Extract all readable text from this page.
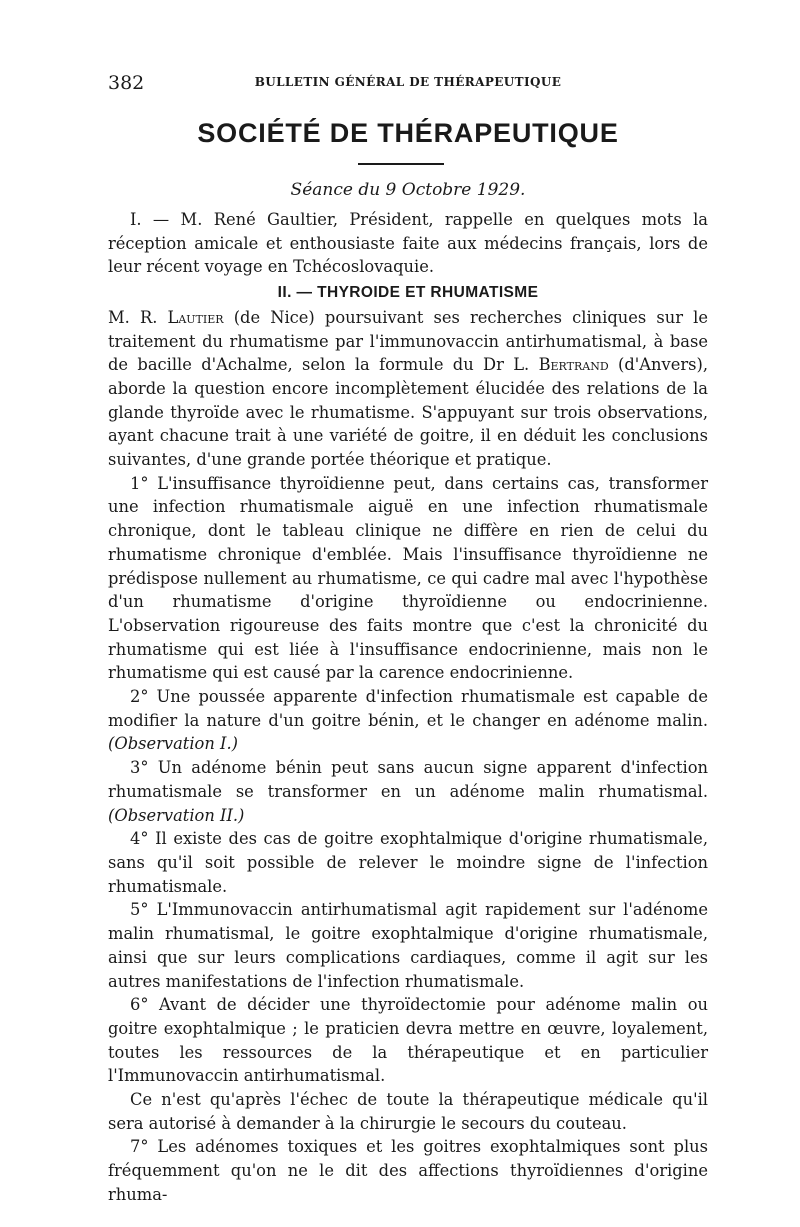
382	BULLETIN GÉNÉRAL DE THÉRAPEUTIQUE
SOCIÉTÉ DE THÉRAPEUTIQUE
Séance du 9 Octobre 1929.

I. — M. René Gaultier, Président, rappelle en quelques mots la réception amicale et enthousiaste faite aux médecins français, lors de leur récent voyage en Tchécoslovaquie.

II. — THYROIDE ET RHUMATISME

M. R. Lautier (de Nice) poursuivant ses recherches cliniques sur le traitement du rhumatisme par l'immunovaccin antirhumatismal, à base de bacille d'Achalme, selon la formule du Dr L. Bertrand (d'Anvers), aborde la question encore incomplètement élucidée des relations de la glande thyroïde avec le rhumatisme. S'appuyant sur trois observations, ayant chacune trait à une variété de goitre, il en déduit les conclusions suivantes, d'une grande portée théorique et pratique.

1° L'insuffisance thyroïdienne peut, dans certains cas, transformer une infection rhumatismale aiguë en une infection rhumatismale chronique, dont le tableau clinique ne diffère en rien de celui du rhumatisme chronique d'emblée. Mais l'insuffisance thyroïdienne ne prédispose nullement au rhumatisme, ce qui cadre mal avec l'hypothèse d'un rhumatisme d'origine thyroïdienne ou endocrinienne. L'observation rigoureuse des faits montre que c'est la chronicité du rhumatisme qui est liée à l'insuffisance endocrinienne, mais non le rhumatisme qui est causé par la carence endocrinienne.

2° Une poussée apparente d'infection rhumatismale est capable de modifier la nature d'un goitre bénin, et le changer en adénome malin. (Observation I.)

3° Un adénome bénin peut sans aucun signe apparent d'infection rhumatismale se transformer en un adénome malin rhumatismal. (Observation II.)

4° Il existe des cas de goitre exophtalmique d'origine rhumatismale, sans qu'il soit possible de relever le moindre signe de l'infection rhumatismale.

5° L'Immunovaccin antirhumatismal agit rapidement sur l'adénome malin rhumatismal, le goitre exophtalmique d'origine rhumatismale, ainsi que sur leurs complications cardiaques, comme il agit sur les autres manifestations de l'infection rhumatismale.

6° Avant de décider une thyroïdectomie pour adénome malin ou goitre exophtalmique ; le praticien devra mettre en œuvre, loyalement, toutes les ressources de la thérapeutique et en particulier l'Immunovaccin antirhumatismal.

Ce n'est qu'après l'échec de toute la thérapeutique médicale qu'il sera autorisé à demander à la chirurgie le secours du couteau.

7° Les adénomes toxiques et les goitres exophtalmiques sont plus fréquemment qu'on ne le dit des affections thyroïdiennes d'origine rhuma-
